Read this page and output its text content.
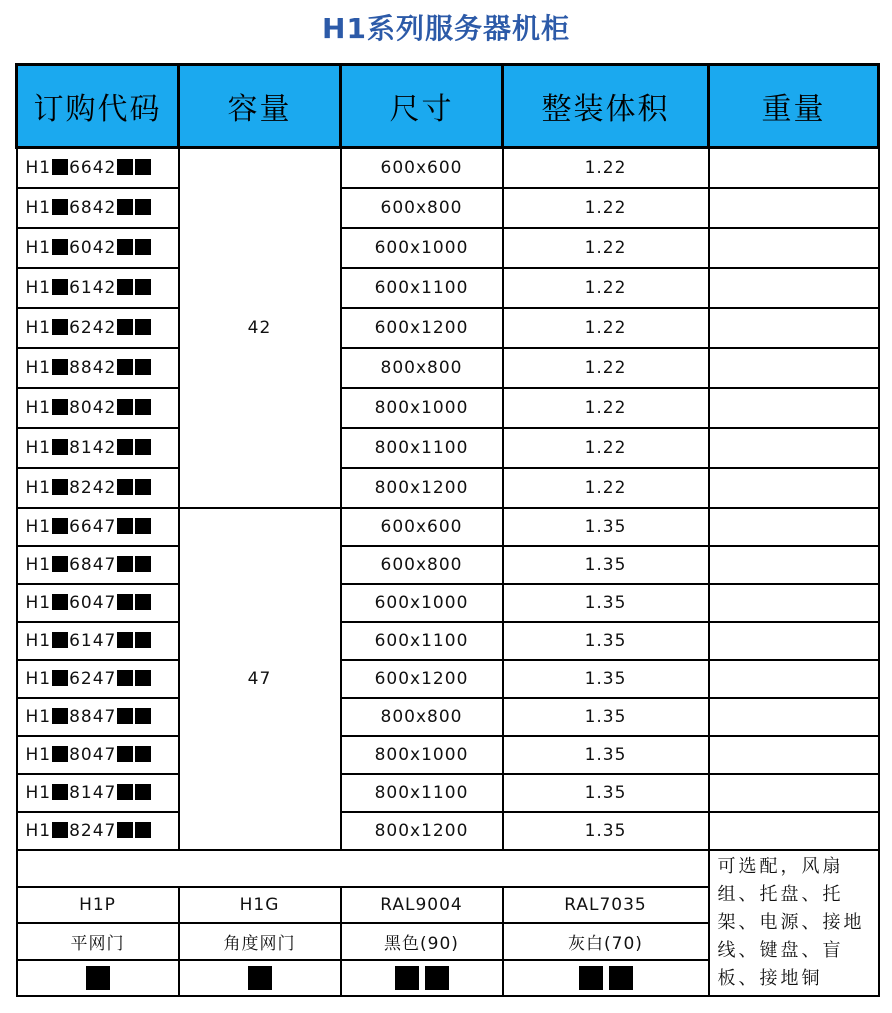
H1系列服务器机柜
订购代码	容量	尺寸	整装体积	重量
H1 6642	42	600x600	1.22	
H1 6842		600x800	1.22	
H1 6042		600x1000	1.22	
H1 6142		600x1100	1.22	
H1 6242		600x1200	1.22	
H1 8842		800x800	1.22	
H1 8042		800x1000	1.22	
H1 8142		800x1100	1.22	
H1 8242		800x1200	1.22	
H1 6647	47	600x600	1.35	
H1 6847		600x800	1.35	
H1 6047		600x1000	1.35	
H1 6147		600x1100	1.35	
H1 6247		600x1200	1.35	
H1 8847		800x800	1.35	
H1 8047		800x1000	1.35	
H1 8147		800x1100	1.35	
H1 8247		800x1200	1.35	
				可选配，风扇组、托盘、托架、电源、接地线、键盘、盲板、接地铜
H1P	H1G	RAL9004	RAL7035	
平网门	角度网门	黑色(90)	灰白(70)	
